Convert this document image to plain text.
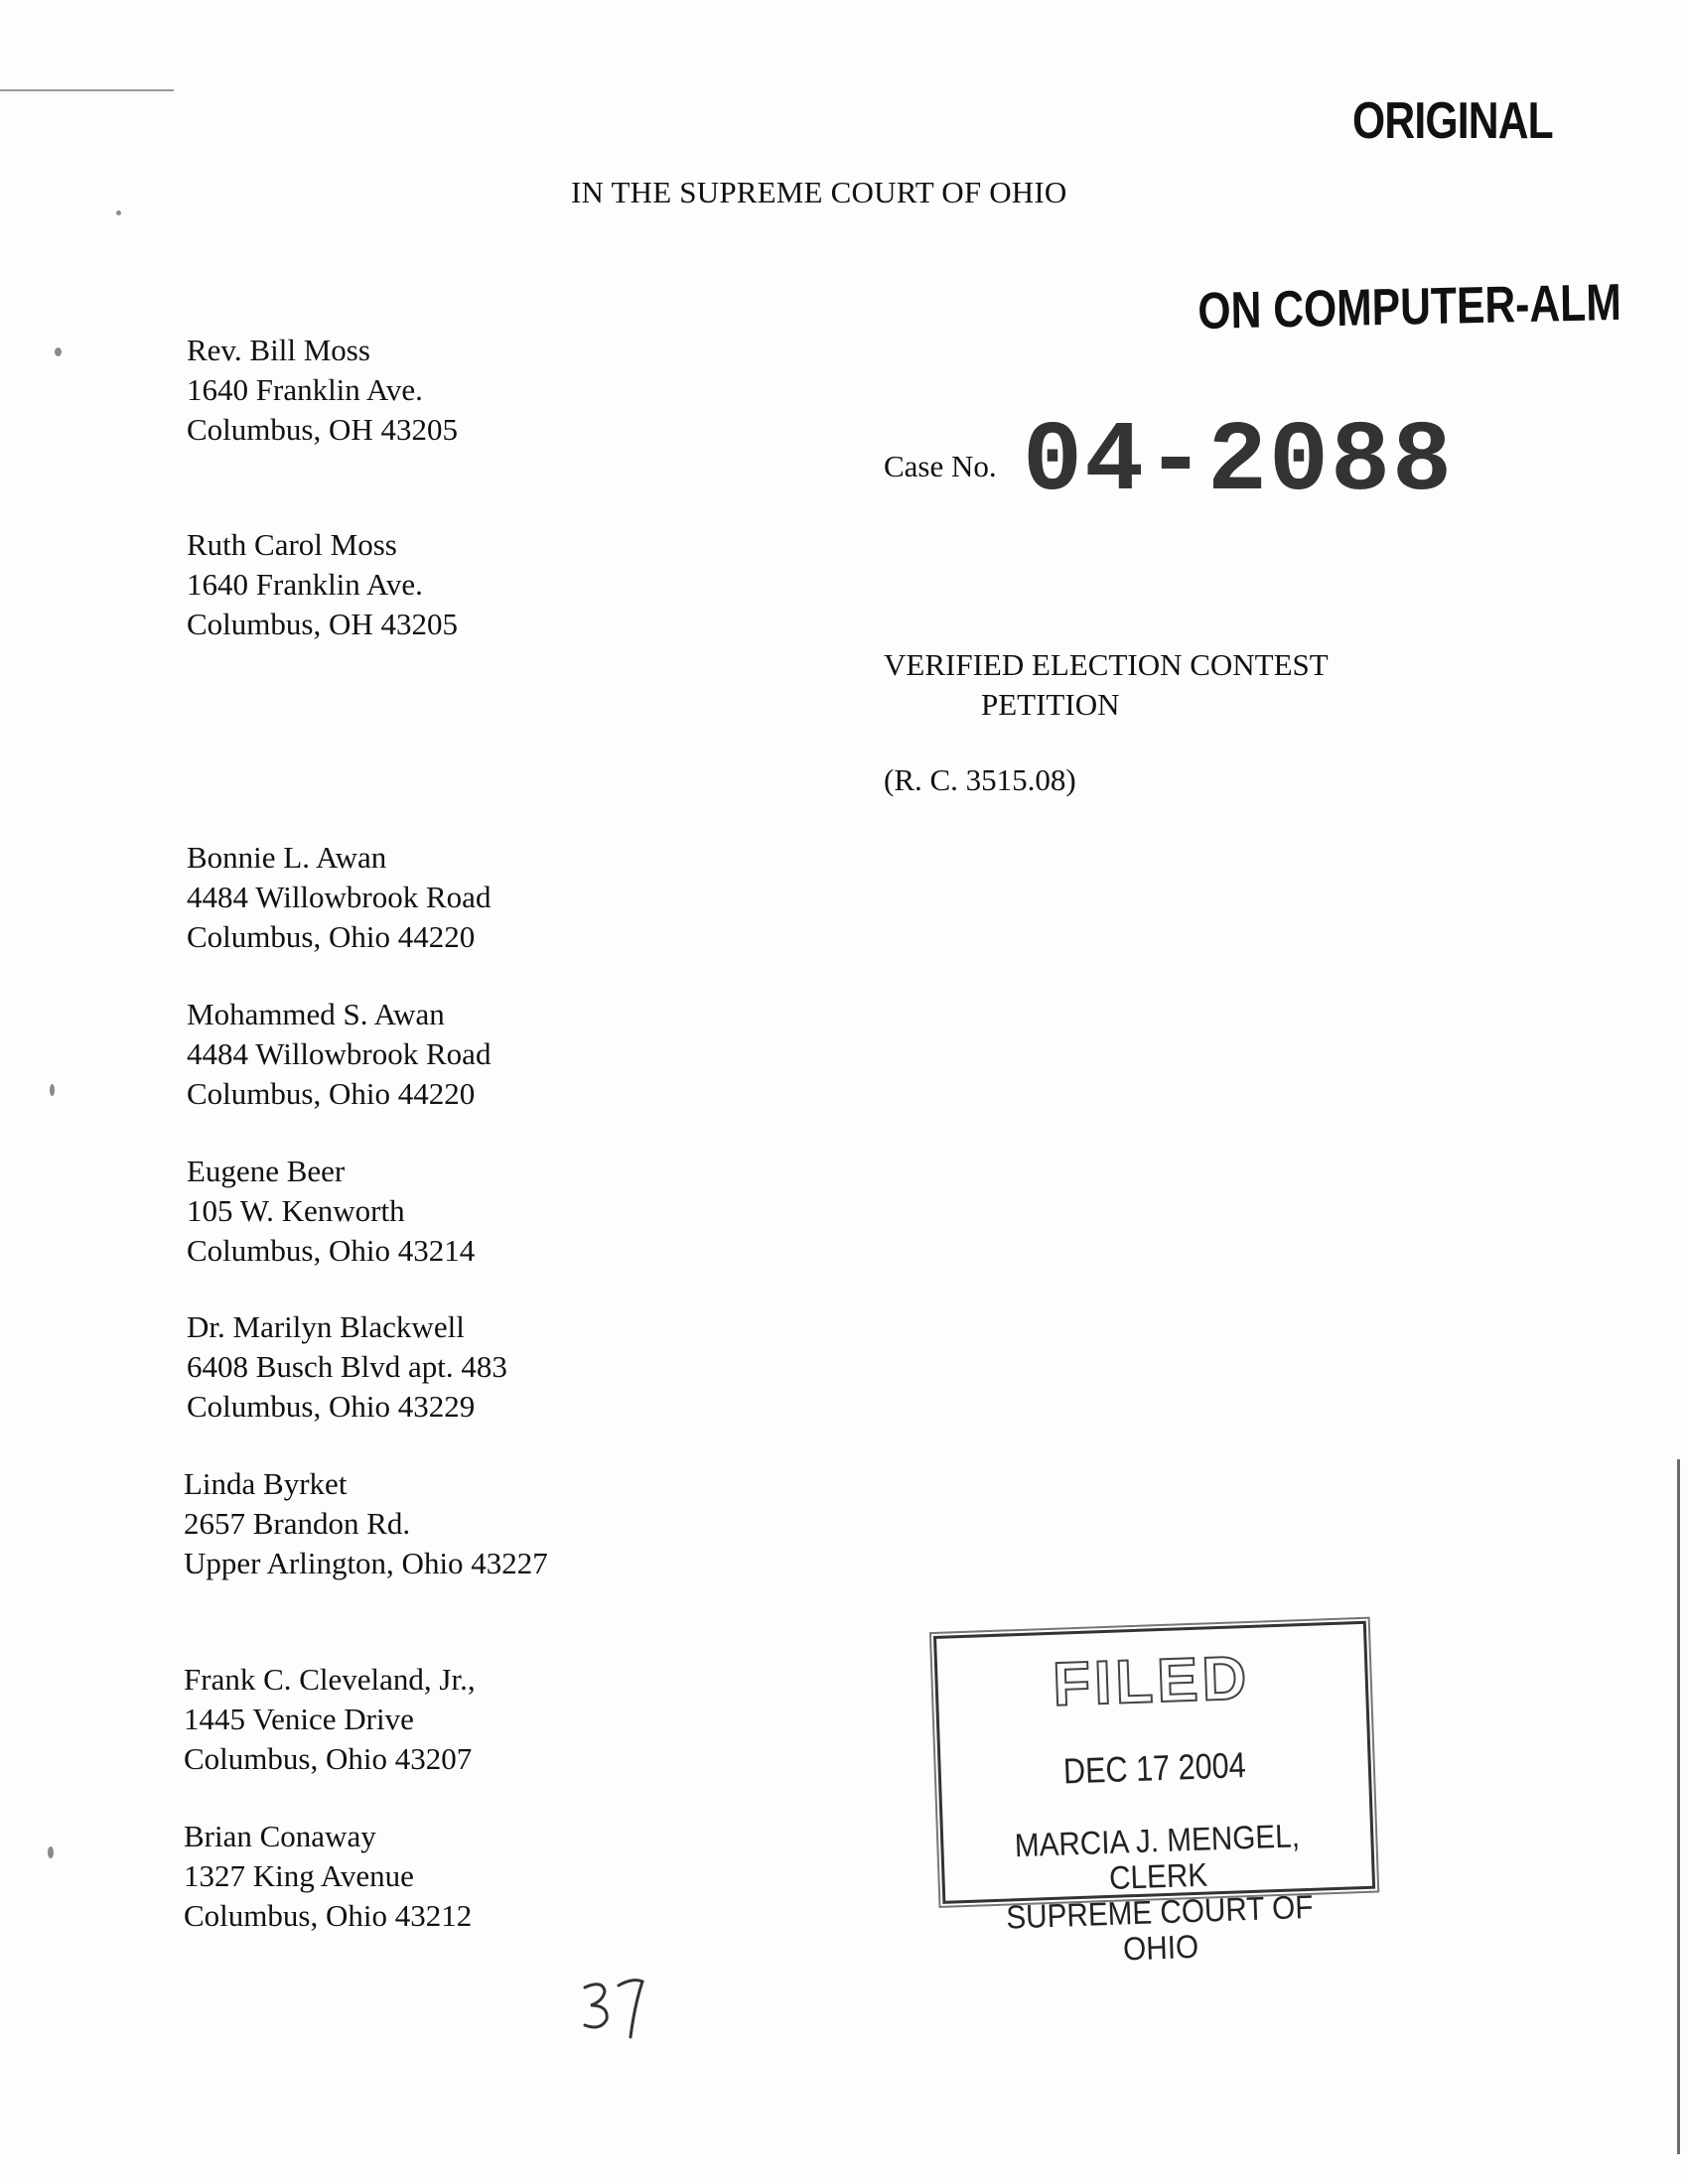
ORIGINAL
ON COMPUTER-ALM
IN THE SUPREME COURT OF OHIO
Rev. Bill Moss
1640 Franklin Ave.
Columbus, OH 43205
Ruth Carol Moss
1640 Franklin Ave.
Columbus, OH 43205
Bonnie L. Awan
4484 Willowbrook Road
Columbus, Ohio 44220
Mohammed S. Awan
4484 Willowbrook Road
Columbus, Ohio 44220
Eugene Beer
105 W. Kenworth
Columbus, Ohio 43214
Dr. Marilyn Blackwell
6408 Busch Blvd apt. 483
Columbus, Ohio 43229
Linda Byrket
2657 Brandon Rd.
Upper Arlington, Ohio 43227
Frank C. Cleveland, Jr.,
1445 Venice Drive
Columbus, Ohio 43207
Brian Conaway
1327 King Avenue
Columbus, Ohio 43212
Case No. 04-2088
VERIFIED ELECTION CONTEST
PETITION
(R. C. 3515.08)
FILED
DEC 17 2004
MARCIA J. MENGEL, CLERK
SUPREME COURT OF OHIO
